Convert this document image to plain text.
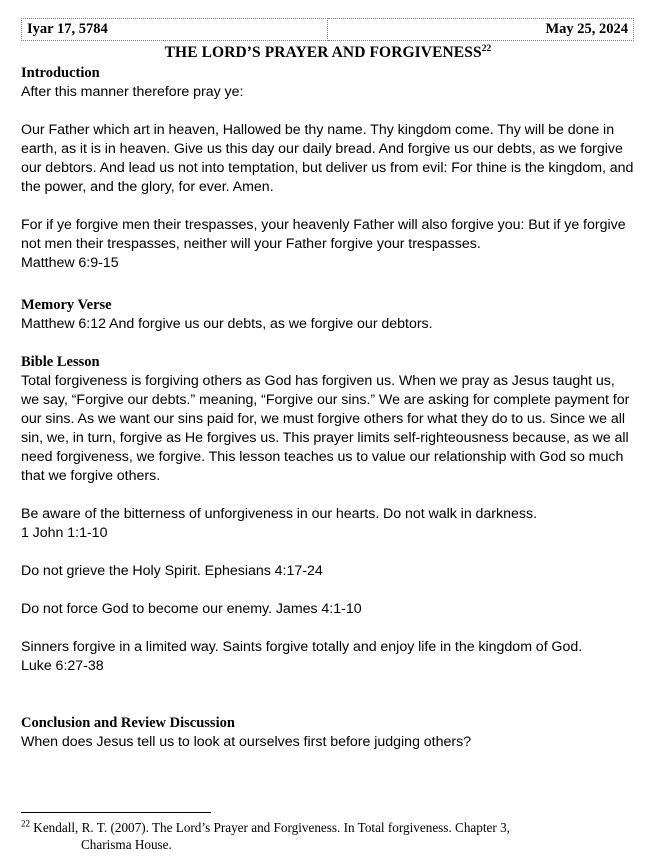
Iyar 17, 5784	May 25, 2024
THE LORD’S PRAYER AND FORGIVENESS$^{22}$
Introduction

After this manner therefore pray ye:

Our Father which art in heaven, Hallowed be thy name. Thy kingdom come. Thy will be done in earth, as it is in heaven. Give us this day our daily bread. And forgive us our debts, as we forgive our debtors. And lead us not into temptation, but deliver us from evil: For thine is the kingdom, and the power, and the glory, for ever. Amen.

For if ye forgive men their trespasses, your heavenly Father will also forgive you: But if ye forgive not men their trespasses, neither will your Father forgive your trespasses.

Matthew 6:9-15

Memory Verse

Matthew 6:12 And forgive us our debts, as we forgive our debtors.

Bible Lesson

Total forgiveness is forgiving others as God has forgiven us. When we pray as Jesus taught us, we say, “Forgive our debts.” meaning, “Forgive our sins.” We are asking for complete payment for our sins. As we want our sins paid for, we must forgive others for what they do to us. Since we all sin, we, in turn, forgive as He forgives us. This prayer limits self-righteousness because, as we all need forgiveness, we forgive. This lesson teaches us to value our relationship with God so much that we forgive others.

Be aware of the bitterness of unforgiveness in our hearts. Do not walk in darkness.

1 John 1:1-10

Do not grieve the Holy Spirit. Ephesians 4:17-24

Do not force God to become our enemy. James 4:1-10

Sinners forgive in a limited way. Saints forgive totally and enjoy life in the kingdom of God.

Luke 6:27-38

Conclusion and Review Discussion

When does Jesus tell us to look at ourselves first before judging others?

$^{22}$ Kendall, R. T. (2007). The Lord’s Prayer and Forgiveness. In Total forgiveness. Chapter 3,
Charisma House.
